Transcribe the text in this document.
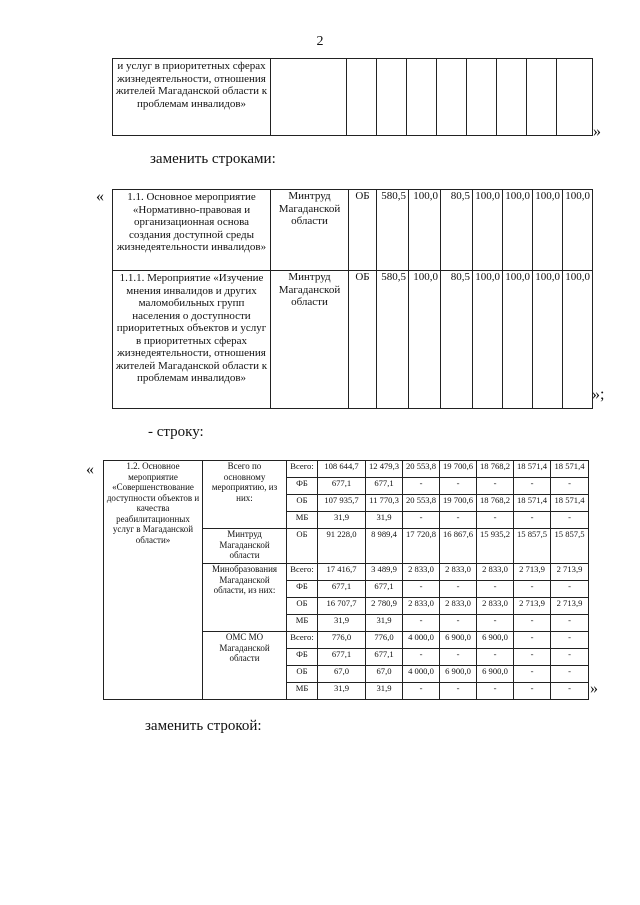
2
и услуг в приоритетных сферах жизнедеятельности, отношения жителей Магаданской области к проблемам инвалидов»									
»
заменить строками:
« 1.1. Основное мероприятие «Нормативно-правовая и организационная основа создания доступной среды жизнедеятельности инвалидов»	Минтруд Магаданской области	ОБ	580,5	100,0	80,5	100,0	100,0	100,0	100,0
1.1.1. Мероприятие «Изучение мнения инвалидов и других маломобильных групп населения о доступности приоритетных объектов и услуг в приоритетных сферах жизнедеятельности, отношения жителей Магаданской области к проблемам инвалидов»	Минтруд Магаданской области	ОБ	580,5	100,0	80,5	100,0	100,0	100,0	100,0
»;
- строку:
«	1.2. Основное мероприятие «Совершенствование доступности объектов и качества реабилитационных услуг в Магаданской области»	Всего по основному мероприятию, из них:	Всего:	108 644,7	12 479,3	20 553,8	19 700,6	18 768,2	18 571,4	18 571,4
		ФБ	677,1	677,1	-	-	-	-	-
		ОБ	107 935,7	11 770,3	20 553,8	19 700,6	18 768,2	18 571,4	18 571,4
		МБ	31,9	31,9	-	-	-	-	-
	Минтруд Магаданской области	ОБ	91 228,0	8 989,4	17 720,8	16 867,6	15 935,2	15 857,5	15 857,5
	Минобразования Магаданской области, из них:	Всего:	17 416,7	3 489,9	2 833,0	2 833,0	2 833,0	2 713,9	2 713,9
		ФБ	677,1	677,1	-	-	-	-	-
		ОБ	16 707,7	2 780,9	2 833,0	2 833,0	2 833,0	2 713,9	2 713,9
		МБ	31,9	31,9	-	-	-	-	-
	ОМС МО Магаданской области	Всего:	776,0	776,0	4 000,0	6 900,0	6 900,0	-	-
		ФБ	677,1	677,1	-	-	-	-	-
		ОБ	67,0	67,0	4 000,0	6 900,0	6 900,0	-	-
		МБ	31,9	31,9	-	-	-	-	- »
заменить строкой:
